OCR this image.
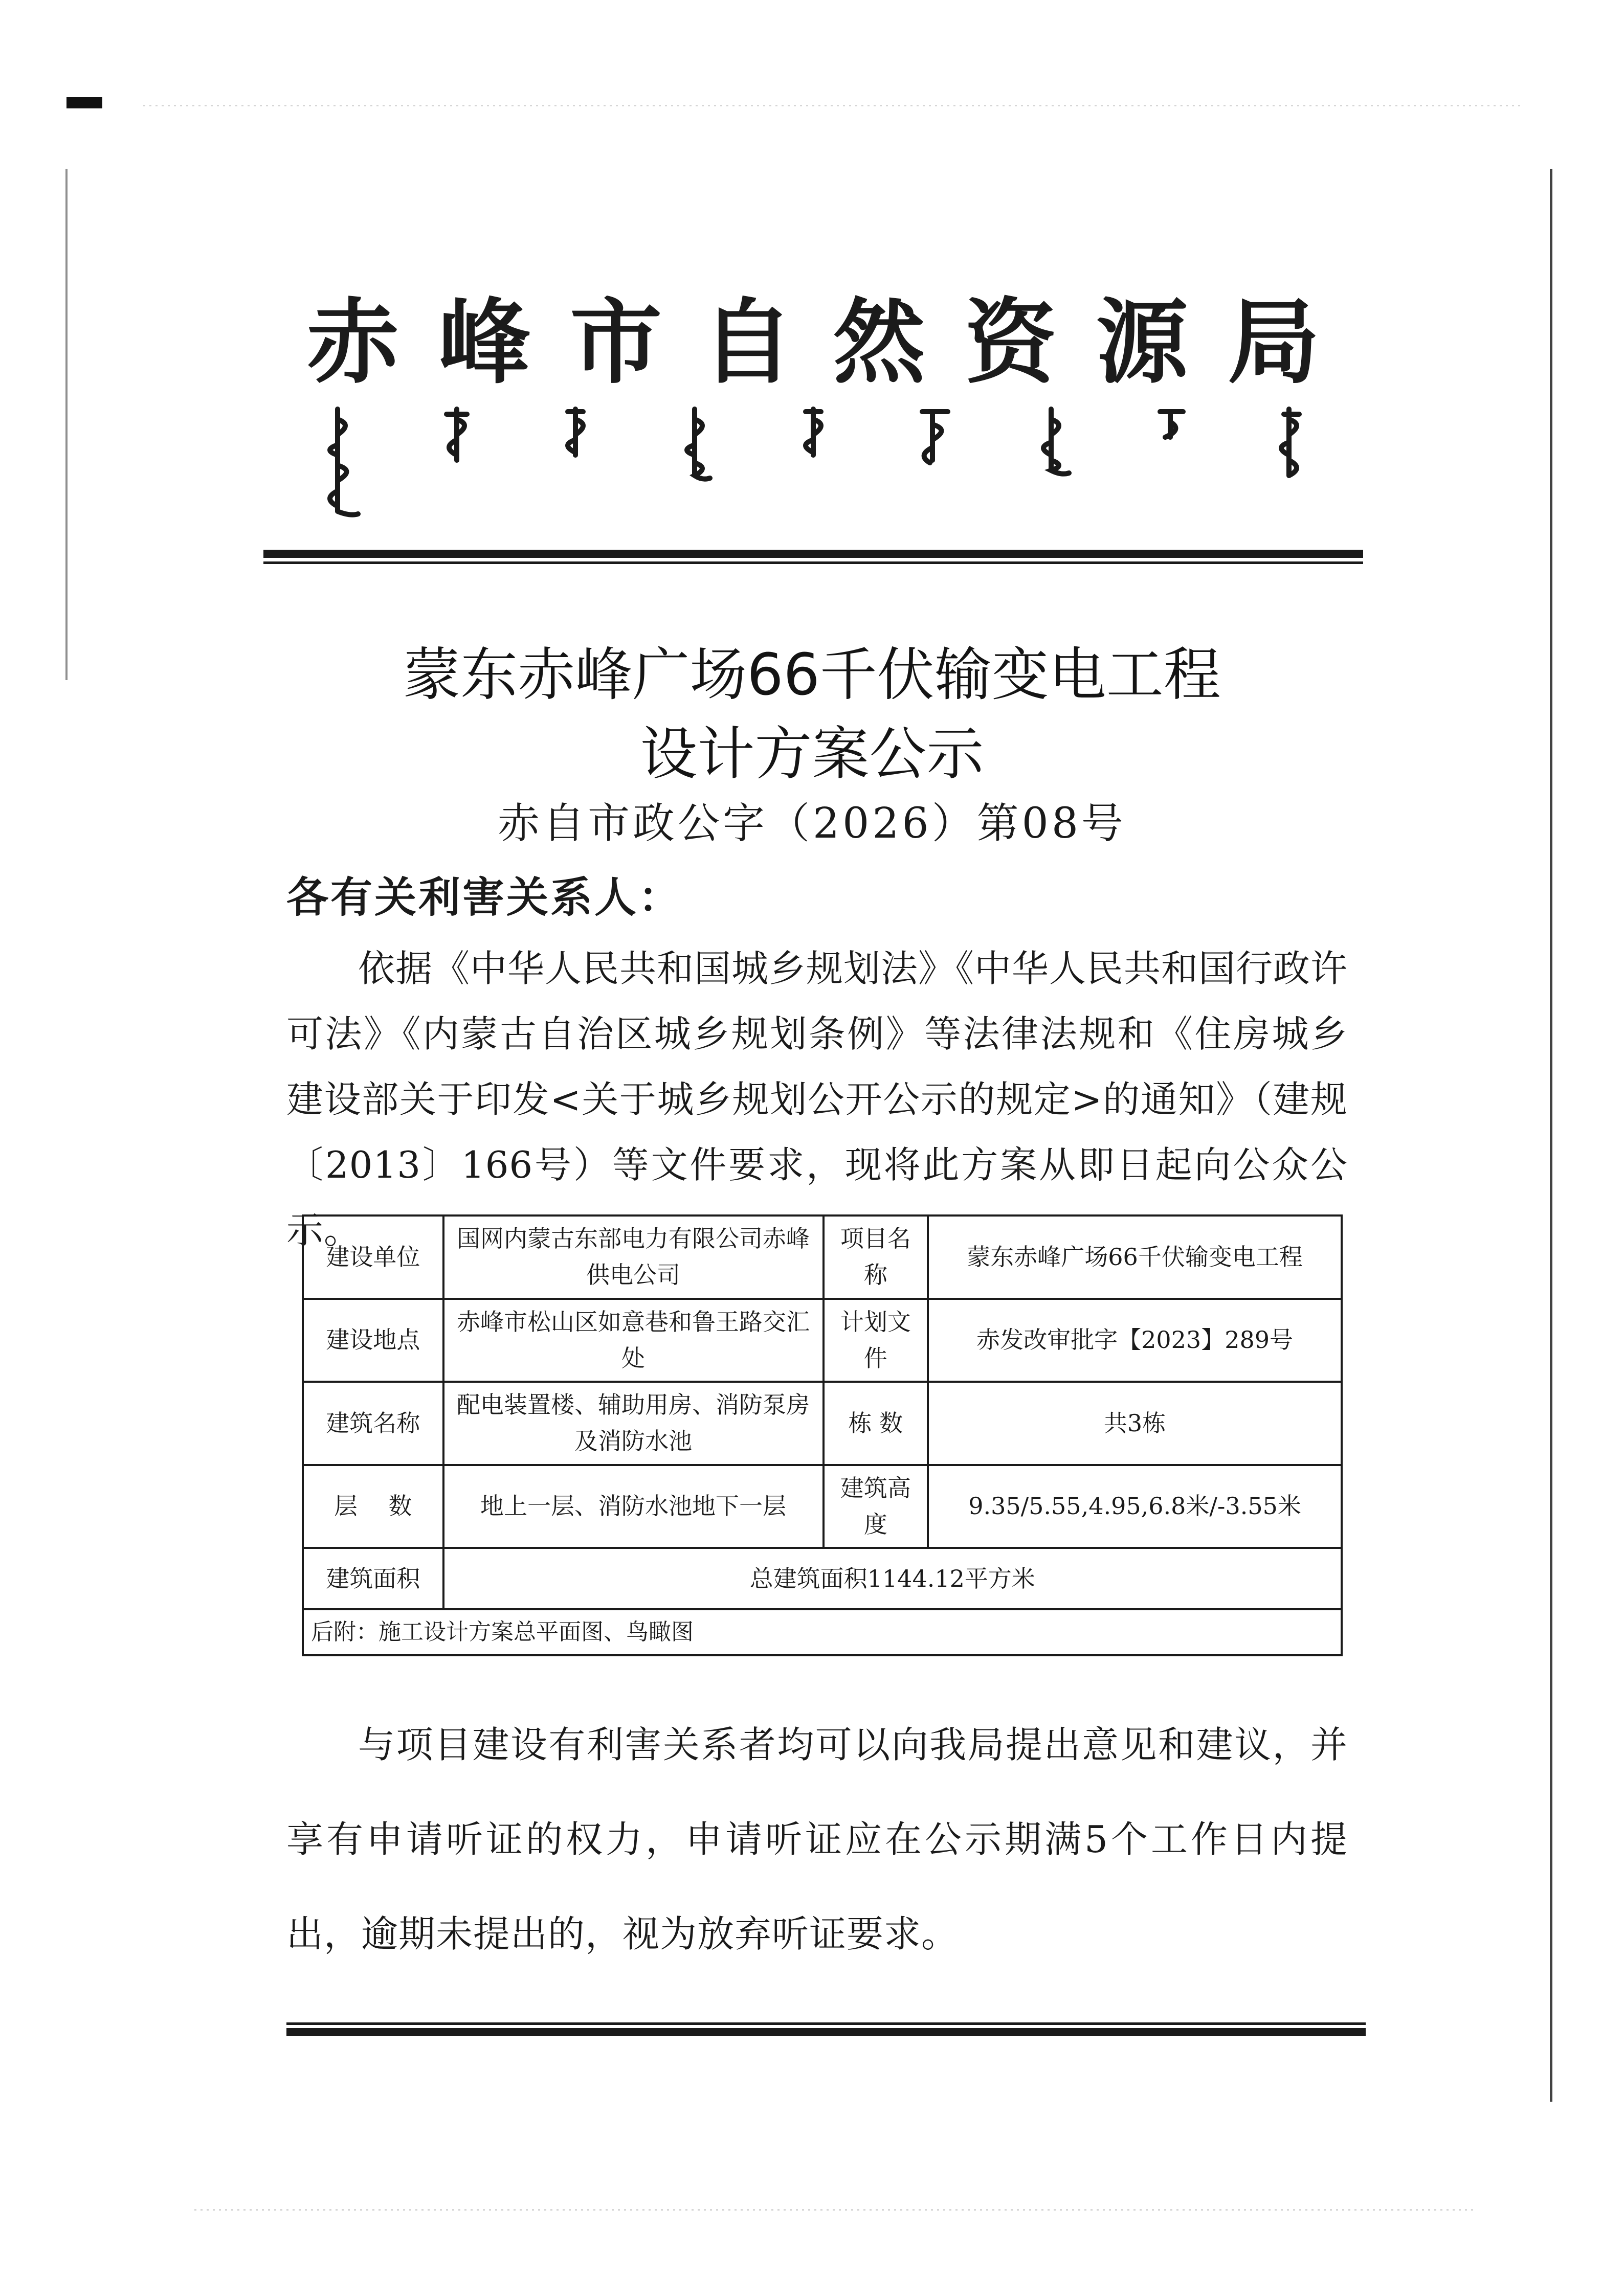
赤 峰 市 自 然 资 源 局
蒙东赤峰广场66千伏输变电工程
设计方案公示
赤自市政公字（2026）第08号
各有关利害关系人：
依据《中华人民共和国城乡规划法》《中华人民共和国行政许可法》《内蒙古自治区城乡规划条例》等法律法规和《住房城乡建设部关于印发<关于城乡规划公开公示的规定>的通知》（建规〔2013〕166号）等文件要求，现将此方案从即日起向公众公示。
建设单位	国网内蒙古东部电力有限公司赤峰供电公司	项目名称	蒙东赤峰广场66千伏输变电工程
建设地点	赤峰市松山区如意巷和鲁王路交汇处	计划文件	赤发改审批字【2023】289号
建筑名称	配电装置楼、辅助用房、消防泵房及消防水池	栋 数	共3栋
层　 数	地上一层、消防水池地下一层	建筑高度	9.35/5.55,4.95,6.8米/-3.55米
建筑面积	总建筑面积1144.12平方米		
后附：施工设计方案总平面图、鸟瞰图			
与项目建设有利害关系者均可以向我局提出意见和建议，并享有申请听证的权力，申请听证应在公示期满5个工作日内提出，逾期未提出的，视为放弃听证要求。
